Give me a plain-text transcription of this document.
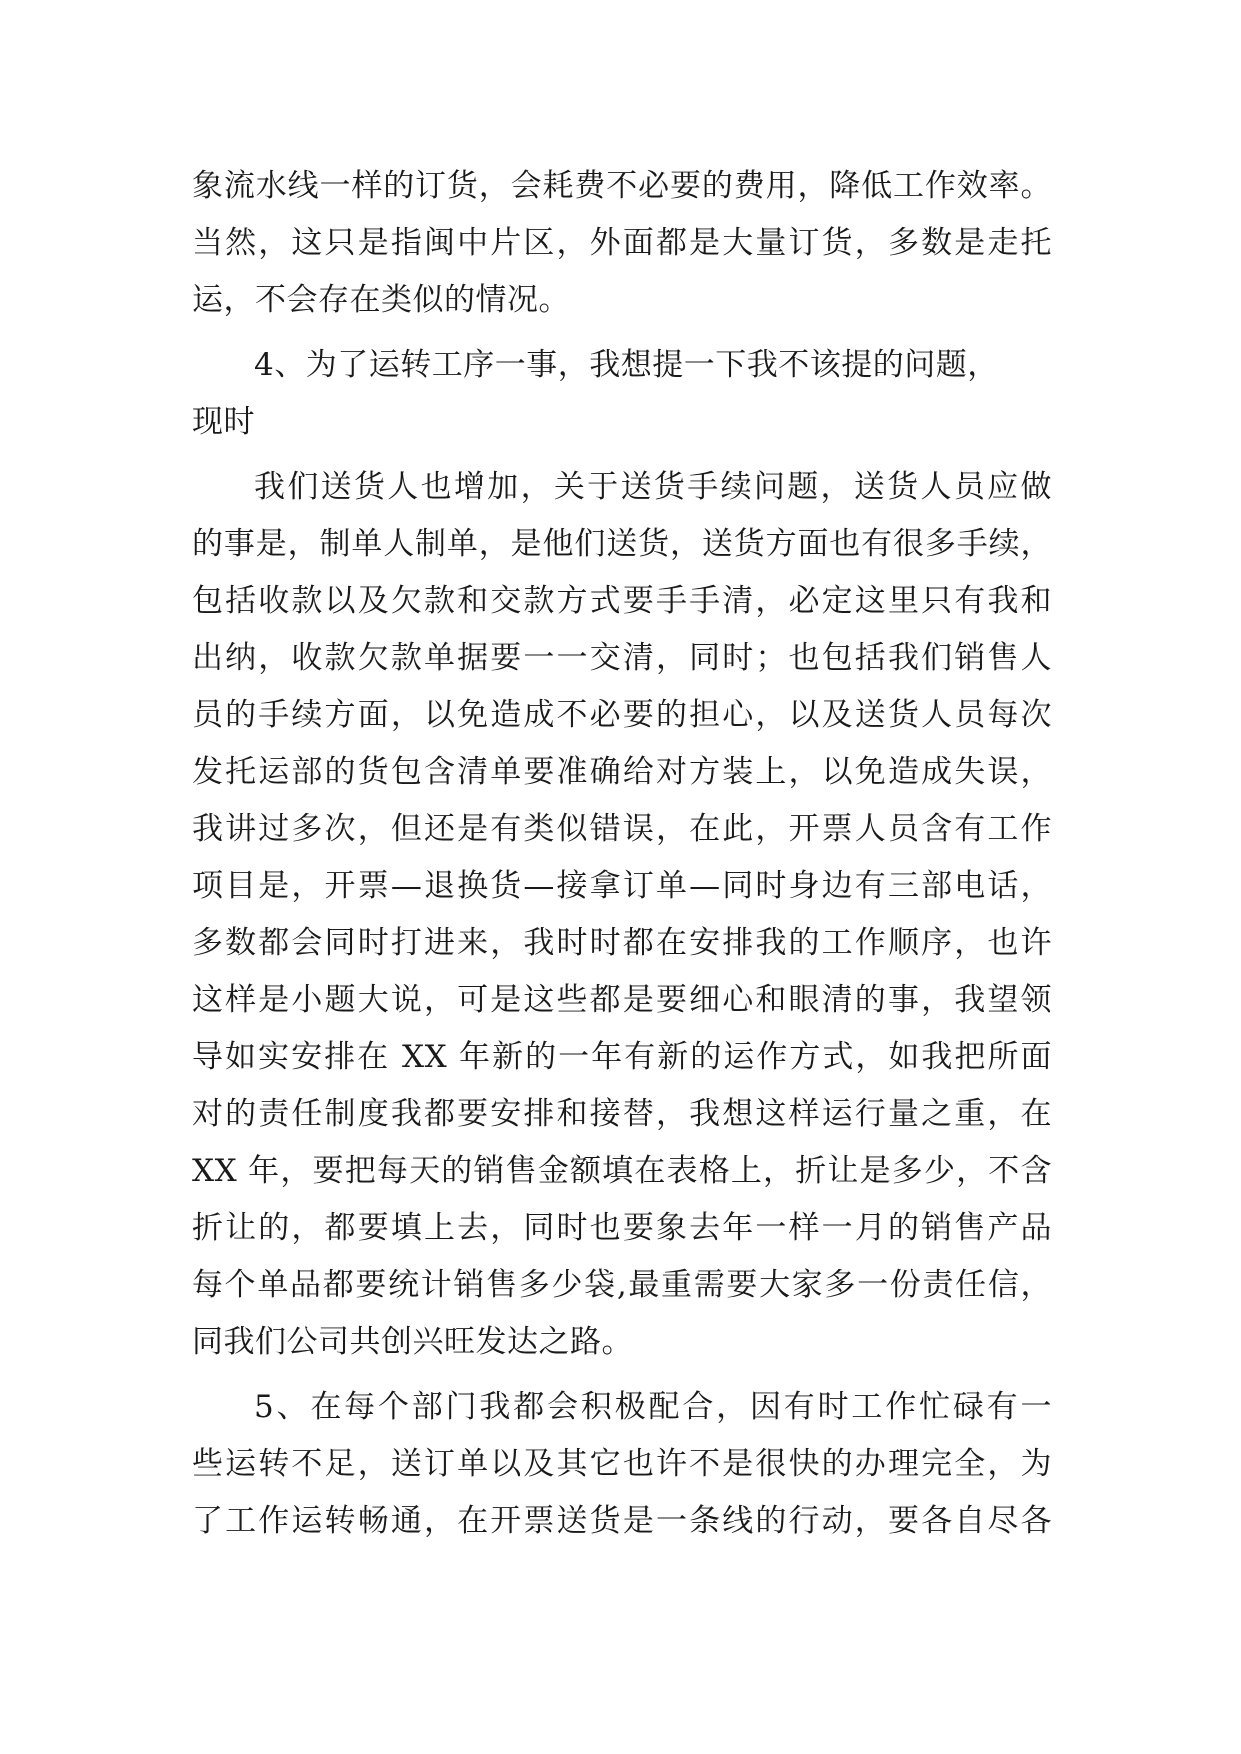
象流水线一样的订货，会耗费不必要的费用，降低工作效率。
当然，这只是指闽中片区，外面都是大量订货，多数是走托
运，不会存在类似的情况。
4、为了运转工序一事，我想提一下我不该提的问题，
现时
我们送货人也增加，关于送货手续问题，送货人员应做
的事是，制单人制单，是他们送货，送货方面也有很多手续，
包括收款以及欠款和交款方式要手手清，必定这里只有我和
出纳，收款欠款单据要一一交清，同时；也包括我们销售人
员的手续方面，以免造成不必要的担心，以及送货人员每次
发托运部的货包含清单要准确给对方装上，以免造成失误，
我讲过多次，但还是有类似错误，在此，开票人员含有工作
项目是，开票—退换货—接拿订单—同时身边有三部电话，
多数都会同时打进来，我时时都在安排我的工作顺序，也许
这样是小题大说，可是这些都是要细心和眼清的事，我望领
导如实安排在 XX 年新的一年有新的运作方式，如我把所面
对的责任制度我都要安排和接替，我想这样运行量之重，在
XX 年，要把每天的销售金额填在表格上，折让是多少，不含
折让的，都要填上去，同时也要象去年一样一月的销售产品
每个单品都要统计销售多少袋,最重需要大家多一份责任信，
同我们公司共创兴旺发达之路。
5、在每个部门我都会积极配合，因有时工作忙碌有一
些运转不足，送订单以及其它也许不是很快的办理完全，为
了工作运转畅通，在开票送货是一条线的行动，要各自尽各
